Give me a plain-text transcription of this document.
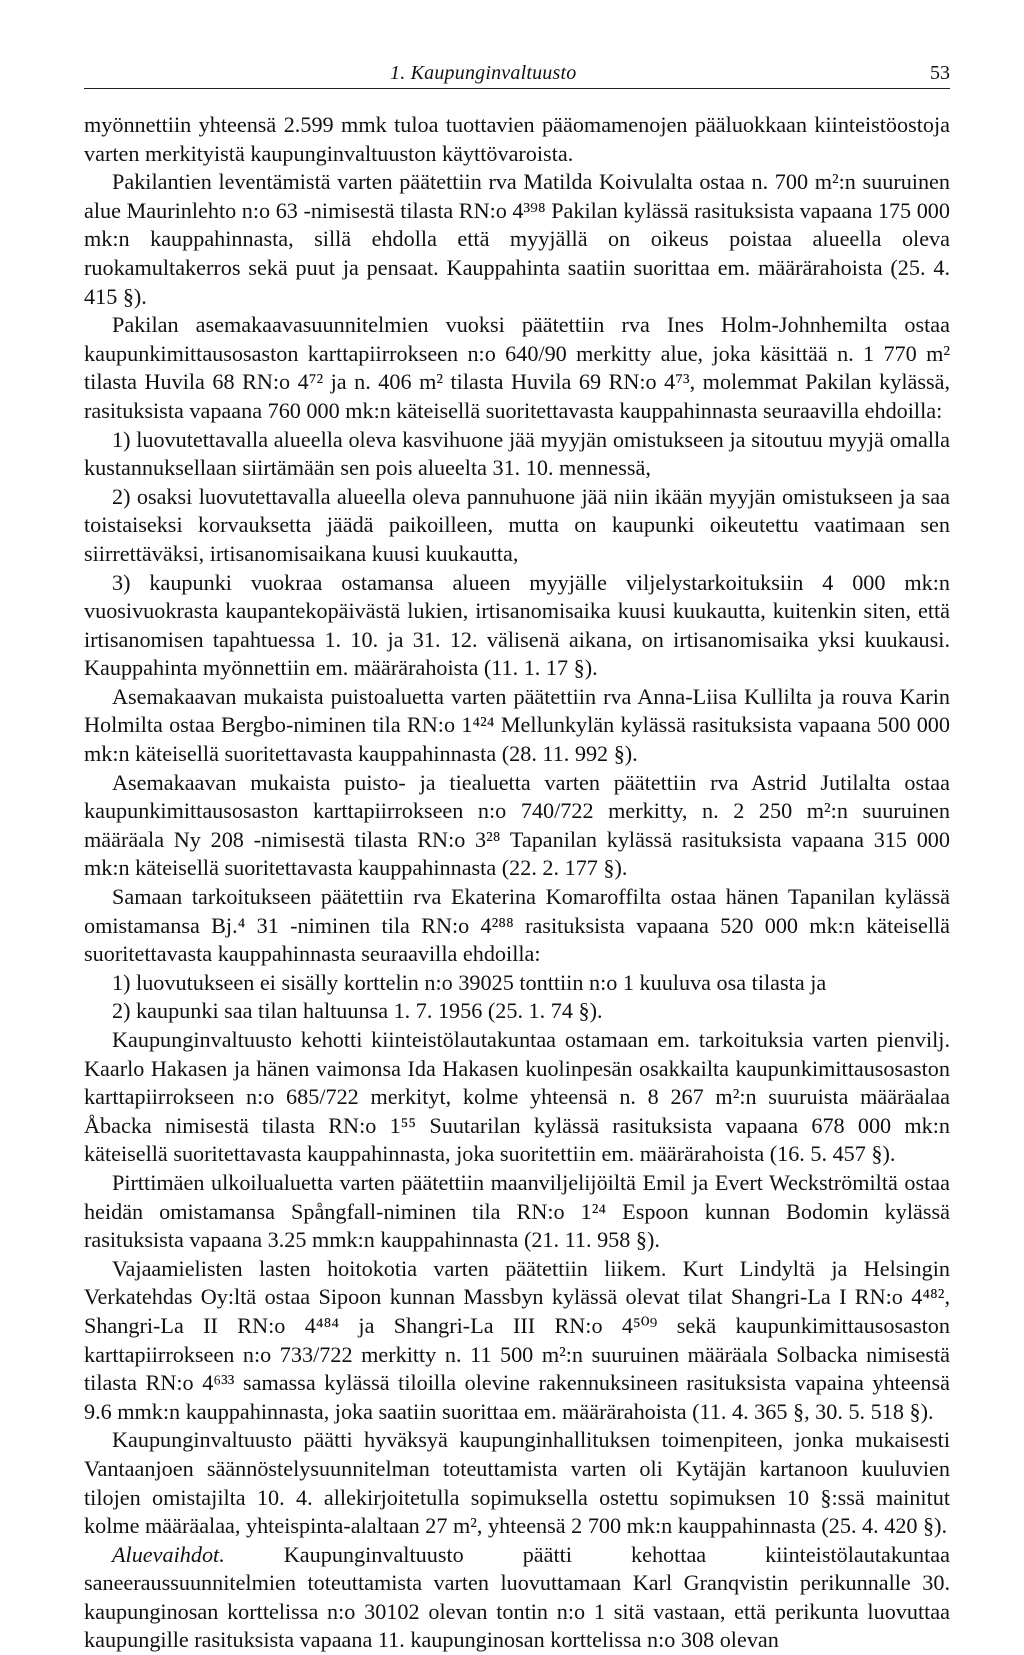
1. Kaupunginvaltuusto	53

myönnettiin yhteensä 2.599 mmk tuloa tuottavien pääomamenojen pääluokkaan kiinteistöostoja varten merkityistä kaupunginvaltuuston käyttövaroista.

Pakilantien leventämistä varten päätettiin rva Matilda Koivulalta ostaa n. 700 m²:n suuruinen alue Maurinlehto n:o 63 -nimisestä tilasta RN:o 4³⁹⁸ Pakilan kylässä rasituksista vapaana 175 000 mk:n kauppahinnasta, sillä ehdolla että myyjällä on oikeus poistaa alueella oleva ruokamultakerros sekä puut ja pensaat. Kauppahinta saatiin suorittaa em. määrärahoista (25. 4. 415 §).

Pakilan asemakaavasuunnitelmien vuoksi päätettiin rva Ines Holm-Johnhemilta ostaa kaupunkimittausosaston karttapiirrokseen n:o 640/90 merkitty alue, joka käsittää n. 1 770 m² tilasta Huvila 68 RN:o 4⁷² ja n. 406 m² tilasta Huvila 69 RN:o 4⁷³, molemmat Pakilan kylässä, rasituksista vapaana 760 000 mk:n käteisellä suoritettavasta kauppahinnasta seuraavilla ehdoilla:

1) luovutettavalla alueella oleva kasvihuone jää myyjän omistukseen ja sitoutuu myyjä omalla kustannuksellaan siirtämään sen pois alueelta 31. 10. mennessä,

2) osaksi luovutettavalla alueella oleva pannuhuone jää niin ikään myyjän omistukseen ja saa toistaiseksi korvauksetta jäädä paikoilleen, mutta on kaupunki oikeutettu vaatimaan sen siirrettäväksi, irtisanomisaikana kuusi kuukautta,

3) kaupunki vuokraa ostamansa alueen myyjälle viljelystarkoituksiin 4 000 mk:n vuosivuokrasta kaupantekopäivästä lukien, irtisanomisaika kuusi kuukautta, kuitenkin siten, että irtisanomisen tapahtuessa 1. 10. ja 31. 12. välisenä aikana, on irtisanomisaika yksi kuukausi. Kauppahinta myönnettiin em. määrärahoista (11. 1. 17 §).

Asemakaavan mukaista puistoaluetta varten päätettiin rva Anna-Liisa Kullilta ja rouva Karin Holmilta ostaa Bergbo-niminen tila RN:o 1⁴²⁴ Mellunkylän kylässä rasituksista vapaana 500 000 mk:n käteisellä suoritettavasta kauppahinnasta (28. 11. 992 §).

Asemakaavan mukaista puisto- ja tiealuetta varten päätettiin rva Astrid Jutilalta ostaa kaupunkimittausosaston karttapiirrokseen n:o 740/722 merkitty, n. 2 250 m²:n suuruinen määräala Ny 208 -nimisestä tilasta RN:o 3²⁸ Tapanilan kylässä rasituksista vapaana 315 000 mk:n käteisellä suoritettavasta kauppahinnasta (22. 2. 177 §).

Samaan tarkoitukseen päätettiin rva Ekaterina Komaroffilta ostaa hänen Tapanilan kylässä omistamansa Bj.⁴ 31 -niminen tila RN:o 4²⁸⁸ rasituksista vapaana 520 000 mk:n käteisellä suoritettavasta kauppahinnasta seuraavilla ehdoilla:

1) luovutukseen ei sisälly korttelin n:o 39025 tonttiin n:o 1 kuuluva osa tilasta ja

2) kaupunki saa tilan haltuunsa 1. 7. 1956 (25. 1. 74 §).

Kaupunginvaltuusto kehotti kiinteistölautakuntaa ostamaan em. tarkoituksia varten pienvilj. Kaarlo Hakasen ja hänen vaimonsa Ida Hakasen kuolinpesän osakkailta kaupunkimittausosaston karttapiirrokseen n:o 685/722 merkityt, kolme yhteensä n. 8 267 m²:n suuruista määräalaa Åbacka nimisestä tilasta RN:o 1⁵⁵ Suutarilan kylässä rasituksista vapaana 678 000 mk:n käteisellä suoritettavasta kauppahinnasta, joka suoritettiin em. määrärahoista (16. 5. 457 §).

Pirttimäen ulkoilualuetta varten päätettiin maanviljelijöiltä Emil ja Evert Weckströmiltä ostaa heidän omistamansa Spångfall-niminen tila RN:o 1²⁴ Espoon kunnan Bodomin kylässä rasituksista vapaana 3.25 mmk:n kauppahinnasta (21. 11. 958 §).

Vajaamielisten lasten hoitokotia varten päätettiin liikem. Kurt Lindyltä ja Helsingin Verkatehdas Oy:ltä ostaa Sipoon kunnan Massbyn kylässä olevat tilat Shangri-La I RN:o 4⁴⁸², Shangri-La II RN:o 4⁴⁸⁴ ja Shangri-La III RN:o 4⁵⁰⁹ sekä kaupunkimittausosaston karttapiirrokseen n:o 733/722 merkitty n. 11 500 m²:n suuruinen määräala Solbacka nimisestä tilasta RN:o 4⁶³³ samassa kylässä tiloilla olevine rakennuksineen rasituksista vapaina yhteensä 9.6 mmk:n kauppahinnasta, joka saatiin suorittaa em. määrärahoista (11. 4. 365 §, 30. 5. 518 §).

Kaupunginvaltuusto päätti hyväksyä kaupunginhallituksen toimenpiteen, jonka mukaisesti Vantaanjoen säännöstelysuunnitelman toteuttamista varten oli Kytäjän kartanoon kuuluvien tilojen omistajilta 10. 4. allekirjoitetulla sopimuksella ostettu sopimuksen 10 §:ssä mainitut kolme määräalaa, yhteispinta-alaltaan 27 m², yhteensä 2 700 mk:n kauppahinnasta (25. 4. 420 §).

Aluevaihdot. Kaupunginvaltuusto päätti kehottaa kiinteistölautakuntaa saneeraussuunnitelmien toteuttamista varten luovuttamaan Karl Granqvistin perikunnalle 30. kaupunginosan korttelissa n:o 30102 olevan tontin n:o 1 sitä vastaan, että perikunta luovuttaa kaupungille rasituksista vapaana 11. kaupunginosan korttelissa n:o 308 olevan
